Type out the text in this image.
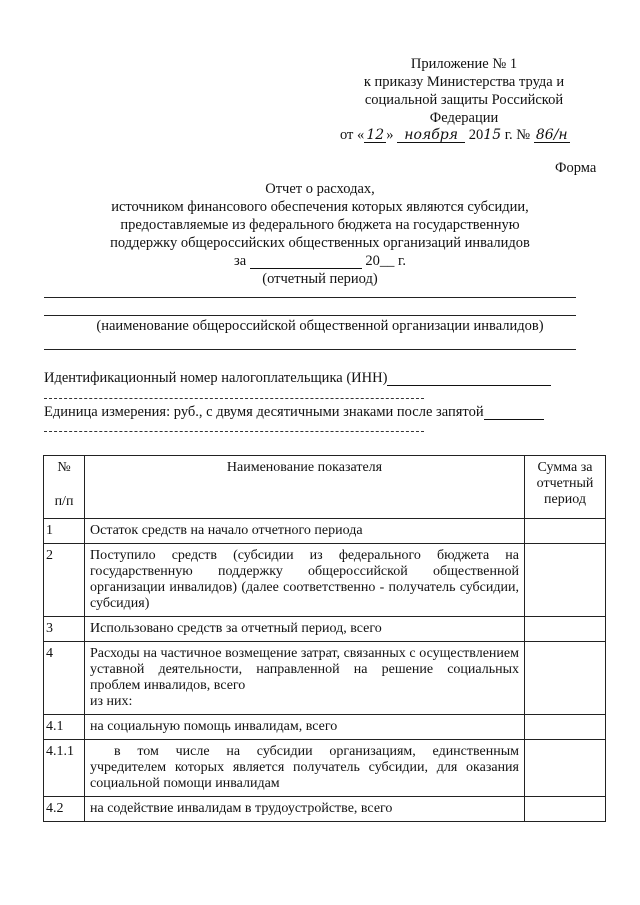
Приложение № 1
к приказу Министерства труда и
социальной защиты Российской
Федерации
от « 12 » ноября 2015 г. № 86/н
Форма
Отчет о расходах,
источником финансового обеспечения которых являются субсидии,
предоставляемые из федерального бюджета на государственную
поддержку общероссийских общественных организаций инвалидов
за	20__ г.
(отчетный период)
(наименование общероссийской общественной организации инвалидов)
Идентификационный номер налогоплательщика (ИНН)
Единица измерения: руб., с двумя десятичными знаками после запятой
№
п/п	Наименование показателя	Сумма за отчетный период
1	Остаток средств на начало отчетного периода	
2	Поступило средств (субсидии из федерального бюджета на государственную поддержку общероссийской общественной организации инвалидов) (далее соответственно - получатель субсидии, субсидия)	
3	Использовано средств за отчетный период, всего	
4	Расходы на частичное возмещение затрат, связанных с осуществлением уставной деятельности, направленной на решение социальных проблем инвалидов, всего
из них:	

4.1	на социальную помощь инвалидам, всего	
4.1.1	в том числе на субсидии организациям, единственным учредителем которых является получатель субсидии, для оказания социальной помощи инвалидам	
4.2	на содействие инвалидам в трудоустройстве, всего	
